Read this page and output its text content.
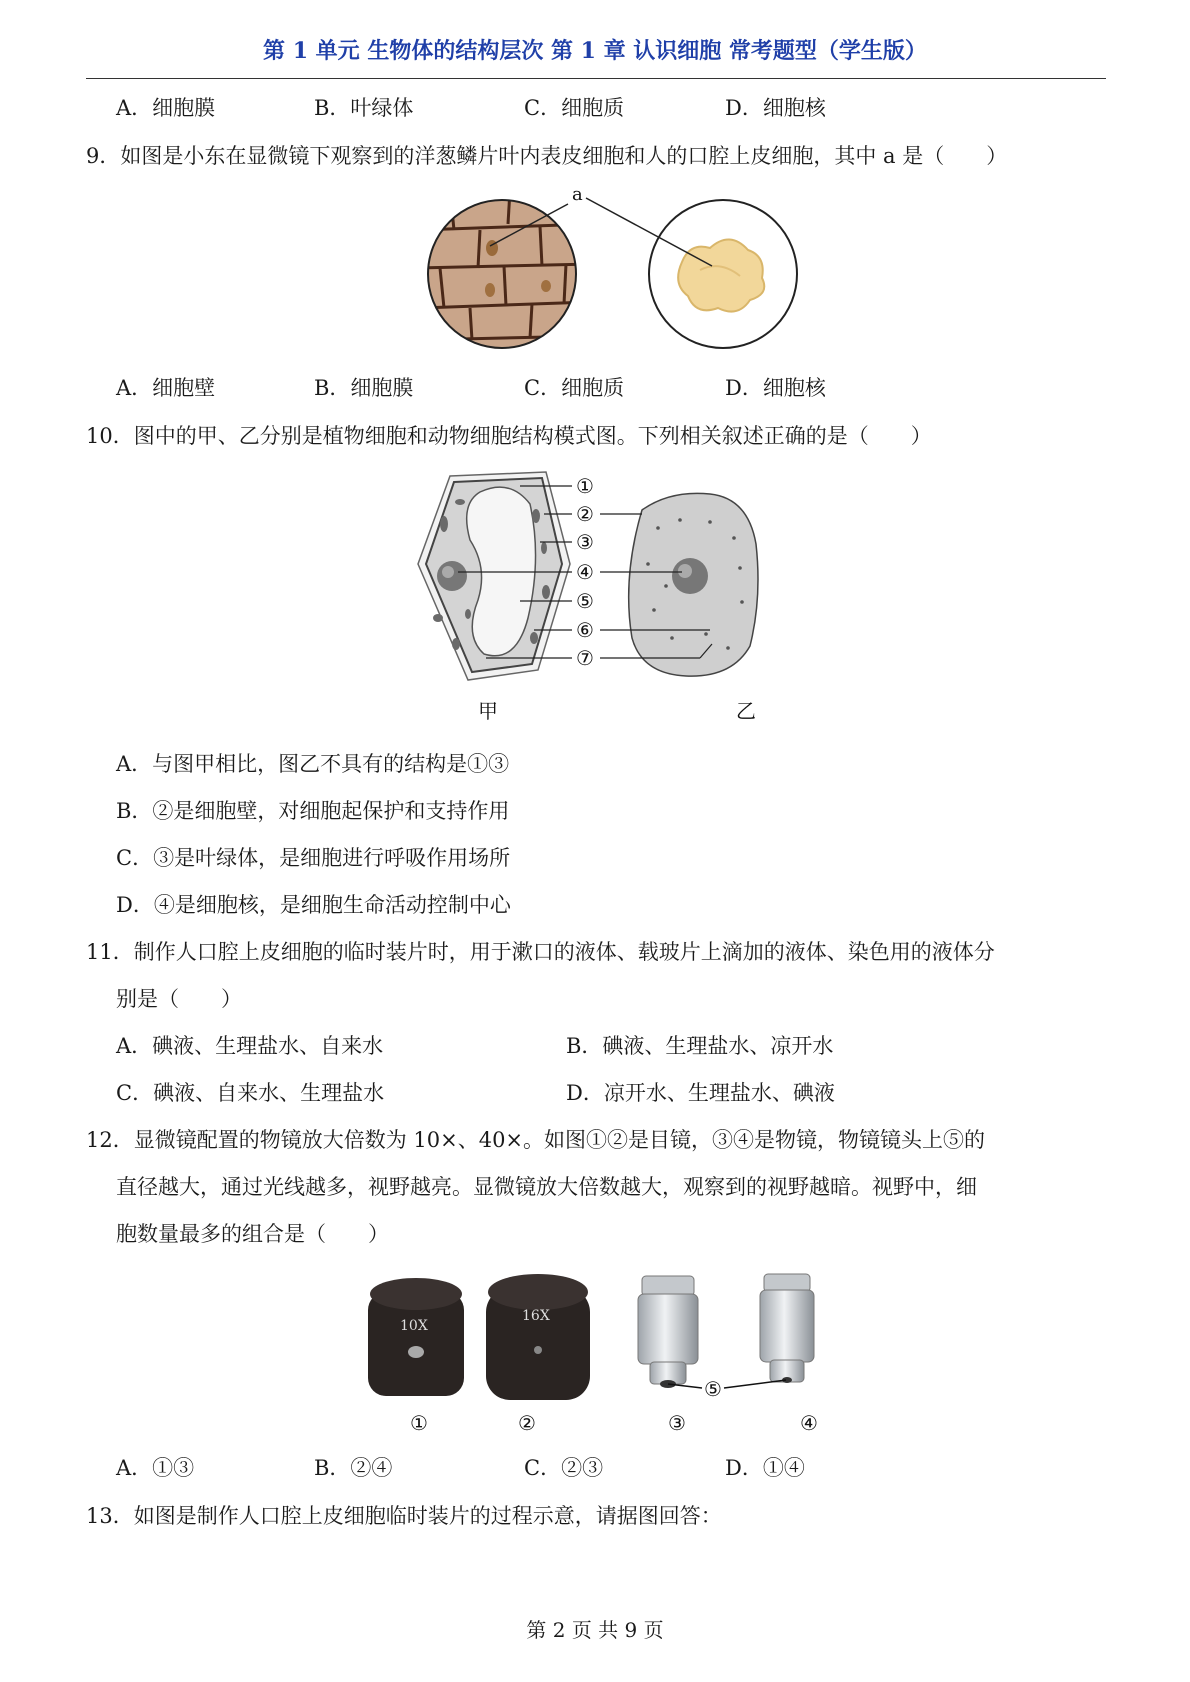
第 1 单元 生物体的结构层次 第 1 章 认识细胞 常考题型（学生版）
A．细胞膜	B．叶绿体	C．细胞质	D．细胞核
9．如图是小东在显微镜下观察到的洋葱鳞片叶内表皮细胞和人的口腔上皮细胞，其中 a 是（　　）
a
A．细胞壁	B．细胞膜	C．细胞质	D．细胞核
10．图中的甲、乙分别是植物细胞和动物细胞结构模式图。下列相关叙述正确的是（　　）
①
②
③
④
⑤
⑥
⑦
甲	乙
A．与图甲相比，图乙不具有的结构是①③
B．②是细胞壁，对细胞起保护和支持作用
C．③是叶绿体，是细胞进行呼吸作用场所
D．④是细胞核，是细胞生命活动控制中心
11．制作人口腔上皮细胞的临时装片时，用于漱口的液体、载玻片上滴加的液体、染色用的液体分
别是（　　）
A．碘液、生理盐水、自来水	B．碘液、生理盐水、凉开水
C．碘液、自来水、生理盐水	D．凉开水、生理盐水、碘液
12．显微镜配置的物镜放大倍数为 10×、40×。如图①②是目镜，③④是物镜，物镜镜头上⑤的
直径越大，通过光线越多，视野越亮。显微镜放大倍数越大，观察到的视野越暗。视野中，细
胞数量最多的组合是（　　）
10X
16X
⑤
①	②	③	④
A．①③	B．②④	C．②③	D．①④
13．如图是制作人口腔上皮细胞临时装片的过程示意，请据图回答：
第 2 页 共 9 页
